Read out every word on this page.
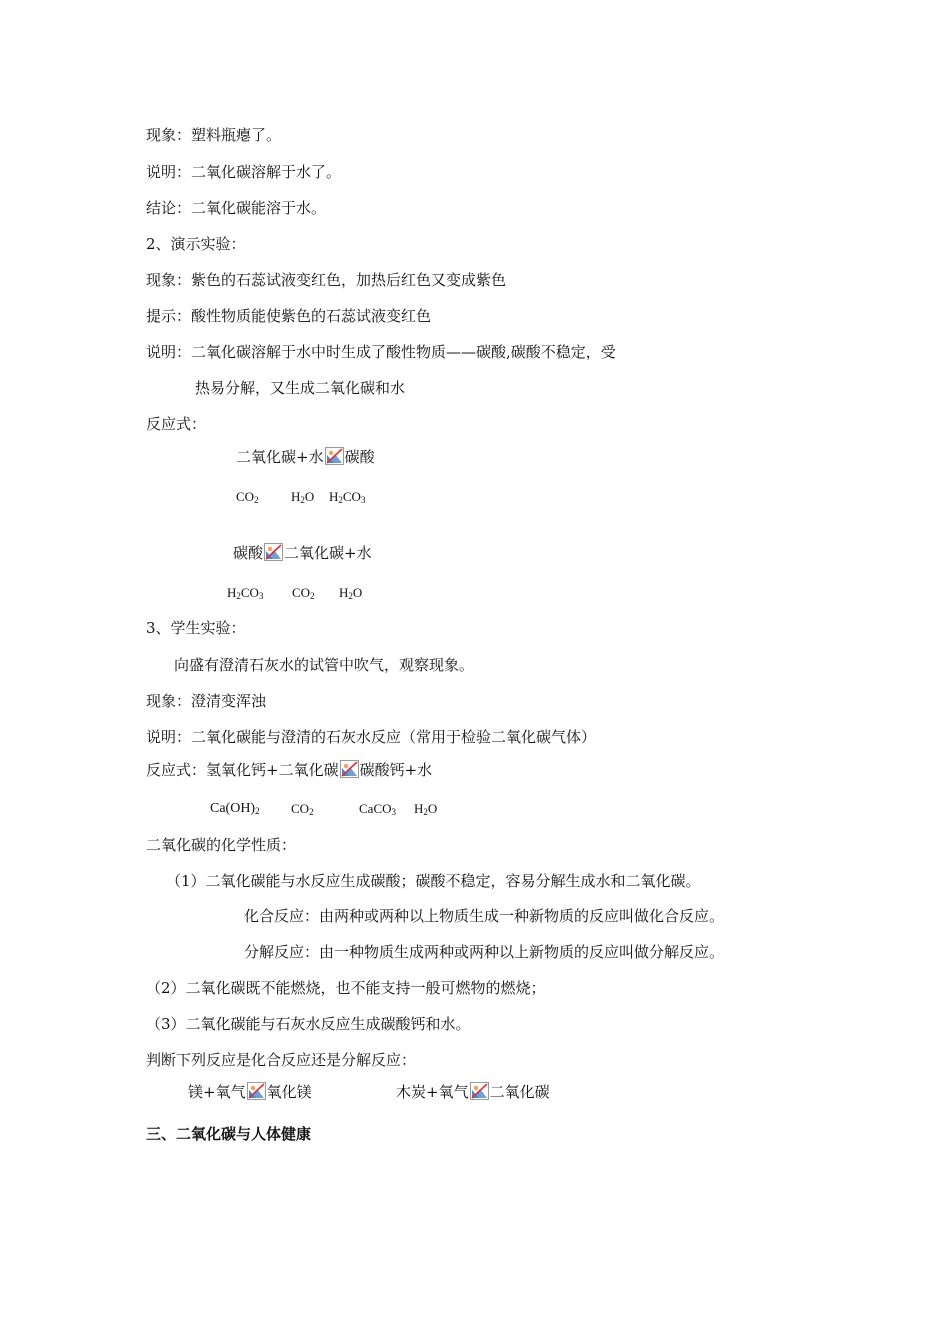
现象：塑料瓶瘪了。
说明：二氧化碳溶解于水了。
结论：二氧化碳能溶于水。
2、演示实验：
现象：紫色的石蕊试液变红色，加热后红色又变成紫色
提示：酸性物质能使紫色的石蕊试液变红色
说明：二氧化碳溶解于水中时生成了酸性物质——碳酸,碳酸不稳定，受
热易分解，又生成二氧化碳和水
反应式：
二氧化碳+水 碳酸
$CO_2$ $H_2O$ $H_2CO_3$
碳酸 二氧化碳+水
$H_2CO_3$ $CO_2$ $H_2O$
3、学生实验：
向盛有澄清石灰水的试管中吹气，观察现象。
现象：澄清变浑浊
说明：二氧化碳能与澄清的石灰水反应（常用于检验二氧化碳气体）
反应式：氢氧化钙+二氧化碳 碳酸钙+水
$Ca(OH)_2$ $CO_2$	CaCO$_3$ $H_2O$
二氧化碳的化学性质：
（1）二氧化碳能与水反应生成碳酸；碳酸不稳定，容易分解生成水和二氧化碳。
化合反应：由两种或两种以上物质生成一种新物质的反应叫做化合反应。
分解反应：由一种物质生成两种或两种以上新物质的反应叫做分解反应。
（2）二氧化碳既不能燃烧，也不能支持一般可燃物的燃烧；
（3）二氧化碳能与石灰水反应生成碳酸钙和水。
判断下列反应是化合反应还是分解反应：
镁+氧气 氧化镁	木炭+氧气 二氧化碳
三、二氧化碳与人体健康
